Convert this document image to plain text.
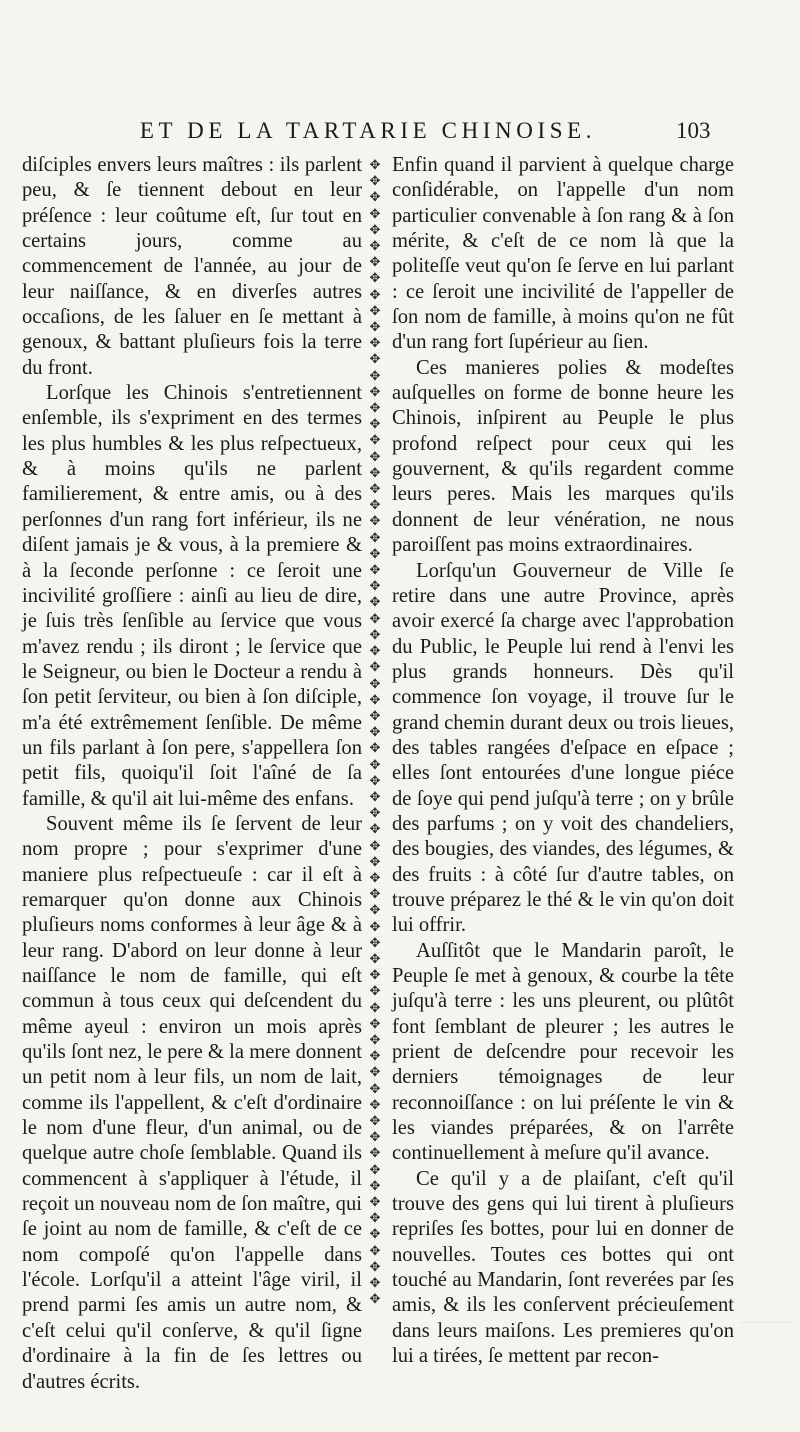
ET DE LA TARTARIE CHINOISE.	103

diſciples envers leurs maîtres : ils parlent peu, & ſe tiennent debout en leur préſence : leur coûtume eſt, ſur tout en certains jours, comme au commencement de l'année, au jour de leur naiſſance, & en diverſes autres occaſions, de les ſaluer en ſe mettant à genoux, & battant pluſieurs fois la terre du front.

Lorſque les Chinois s'entretiennent enſemble, ils s'expriment en des termes les plus humbles & les plus reſpectueux, & à moins qu'ils ne parlent familierement, & entre amis, ou à des perſonnes d'un rang fort inférieur, ils ne diſent jamais je & vous, à la premiere & à la ſeconde perſonne : ce ſeroit une incivilité groſſiere : ainſi au lieu de dire, je ſuis très ſenſible au ſervice que vous m'avez rendu ; ils diront ; le ſervice que le Seigneur, ou bien le Docteur a rendu à ſon petit ſerviteur, ou bien à ſon diſciple, m'a été extrêmement ſenſible. De même un fils parlant à ſon pere, s'appellera ſon petit fils, quoiqu'il ſoit l'aîné de ſa famille, & qu'il ait lui-même des enfans.

Souvent même ils ſe ſervent de leur nom propre ; pour s'exprimer d'une maniere plus reſpectueuſe : car il eſt à remarquer qu'on donne aux Chinois pluſieurs noms conformes à leur âge & à leur rang. D'abord on leur donne à leur naiſſance le nom de famille, qui eſt commun à tous ceux qui deſcendent du même ayeul : environ un mois après qu'ils ſont nez, le pere & la mere donnent un petit nom à leur fils, un nom de lait, comme ils l'appellent, & c'eſt d'ordinaire le nom d'une fleur, d'un animal, ou de quelque autre choſe ſemblable. Quand ils commencent à s'appliquer à l'étude, il reçoit un nouveau nom de ſon maître, qui ſe joint au nom de famille, & c'eſt de ce nom compoſé qu'on l'appelle dans l'école. Lorſqu'il a atteint l'âge viril, il prend parmi ſes amis un autre nom, & c'eſt celui qu'il conſerve, & qu'il ſigne d'ordinaire à la fin de ſes lettres ou d'autres écrits.

✥
✥
✥
✥
✥
✥
✥
✥
✥
✥
✥
✥
✥
✥
✥
✥
✥
✥
✥
✥
✥
✥
✥
✥
✥
✥
✥
✥
✥
✥
✥
✥
✥
✥
✥
✥
✥
✥
✥
✥
✥
✥
✥
✥
✥
✥
✥
✥
✥
✥
✥
✥
✥
✥
✥
✥
✥
✥
✥
✥
✥
✥
✥
✥
✥
✥
✥
✥
✥
✥
✥

Enfin quand il parvient à quelque charge conſidérable, on l'appelle d'un nom particulier convenable à ſon rang & à ſon mérite, & c'eſt de ce nom là que la politeſſe veut qu'on ſe ſerve en lui parlant : ce ſeroit une incivilité de l'appeller de ſon nom de famille, à moins qu'on ne fût d'un rang fort ſupérieur au ſien.

Ces manieres polies & modeſtes auſquelles on forme de bonne heure les Chinois, inſpirent au Peuple le plus profond reſpect pour ceux qui les gouvernent, & qu'ils regardent comme leurs peres. Mais les marques qu'ils donnent de leur vénération, ne nous paroiſſent pas moins extraordinaires.

Lorſqu'un Gouverneur de Ville ſe retire dans une autre Province, après avoir exercé ſa charge avec l'approbation du Public, le Peuple lui rend à l'envi les plus grands honneurs. Dès qu'il commence ſon voyage, il trouve ſur le grand chemin durant deux ou trois lieues, des tables rangées d'eſpace en eſpace ; elles ſont entourées d'une longue piéce de ſoye qui pend juſqu'à terre ; on y brûle des parfums ; on y voit des chandeliers, des bougies, des viandes, des légumes, & des fruits : à côté ſur d'autre tables, on trouve préparez le thé & le vin qu'on doit lui offrir.

Auſſitôt que le Mandarin paroît, le Peuple ſe met à genoux, & courbe la tête juſqu'à terre : les uns pleurent, ou plûtôt font ſemblant de pleurer ; les autres le prient de deſcendre pour recevoir les derniers témoignages de leur reconnoiſſance : on lui préſente le vin & les viandes préparées, & on l'arrête continuellement à meſure qu'il avance.

Ce qu'il y a de plaiſant, c'eſt qu'il trouve des gens qui lui tirent à pluſieurs repriſes ſes bottes, pour lui en donner de nouvelles. Toutes ces bottes qui ont touché au Mandarin, ſont reverées par ſes amis, & ils les conſervent précieuſement dans leurs maiſons. Les premieres qu'on lui a tirées, ſe mettent par recon-
